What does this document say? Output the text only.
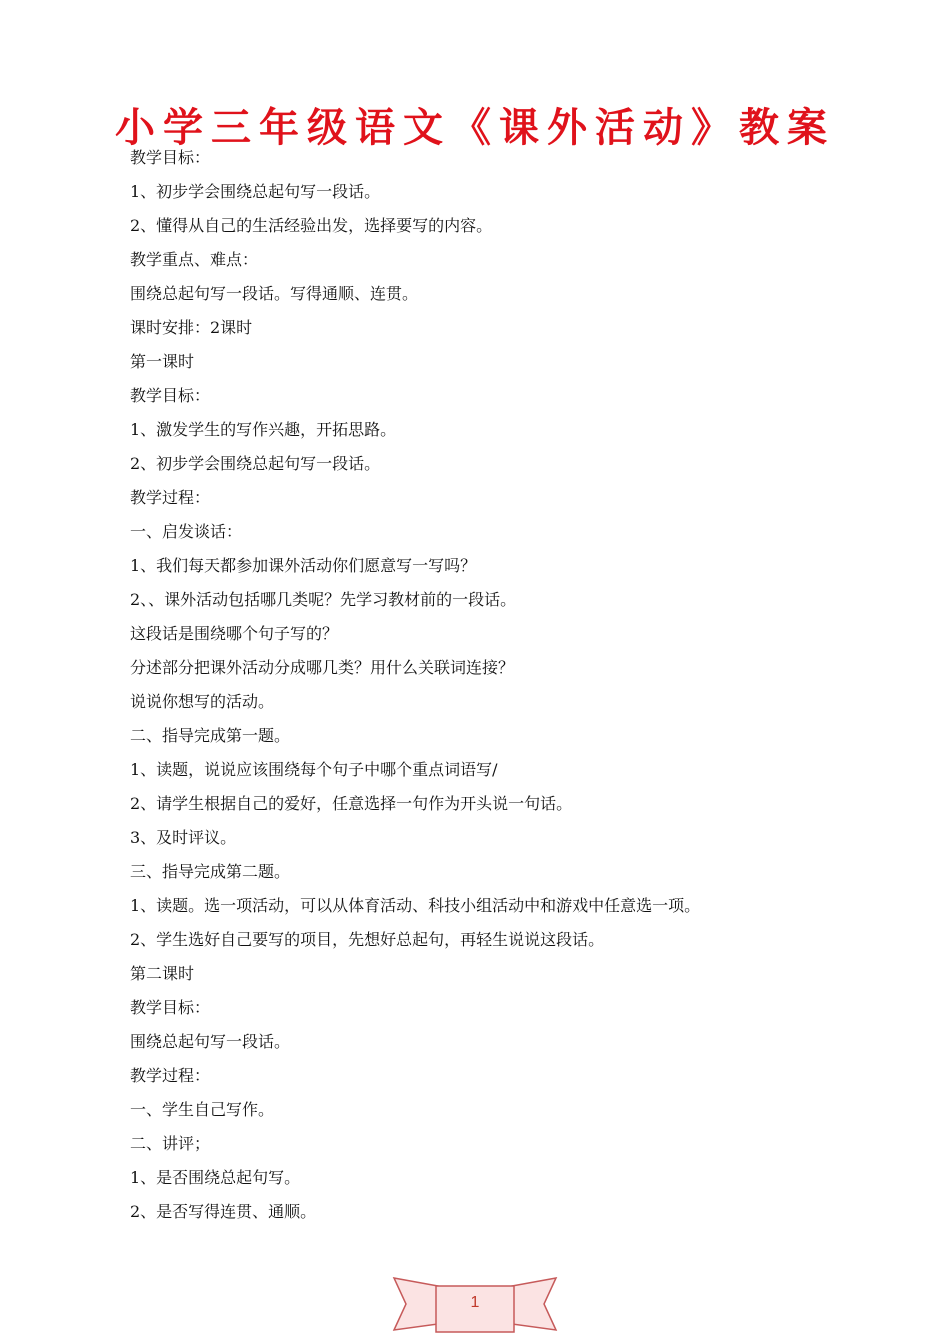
小学三年级语文《课外活动》教案
教学目标：
1、初步学会围绕总起句写一段话。
2、懂得从自己的生活经验出发，选择要写的内容。
教学重点、难点：
围绕总起句写一段话。写得通顺、连贯。
课时安排：2课时
第一课时
教学目标：
1、激发学生的写作兴趣，开拓思路。
2、初步学会围绕总起句写一段话。
教学过程：
一、启发谈话：
1、我们每天都参加课外活动你们愿意写一写吗？
2、、课外活动包括哪几类呢？先学习教材前的一段话。
这段话是围绕哪个句子写的？
分述部分把课外活动分成哪几类？用什么关联词连接？
说说你想写的活动。
二、指导完成第一题。
1、读题，说说应该围绕每个句子中哪个重点词语写/
2、请学生根据自己的爱好，任意选择一句作为开头说一句话。
3、及时评议。
三、指导完成第二题。
1、读题。选一项活动，可以从体育活动、科技小组活动中和游戏中任意选一项。
2、学生选好自己要写的项目，先想好总起句，再轻生说说这段话。
第二课时
教学目标：
围绕总起句写一段话。
教学过程：
一、学生自己写作。
二、讲评；
1、是否围绕总起句写。
2、是否写得连贯、通顺。
1
